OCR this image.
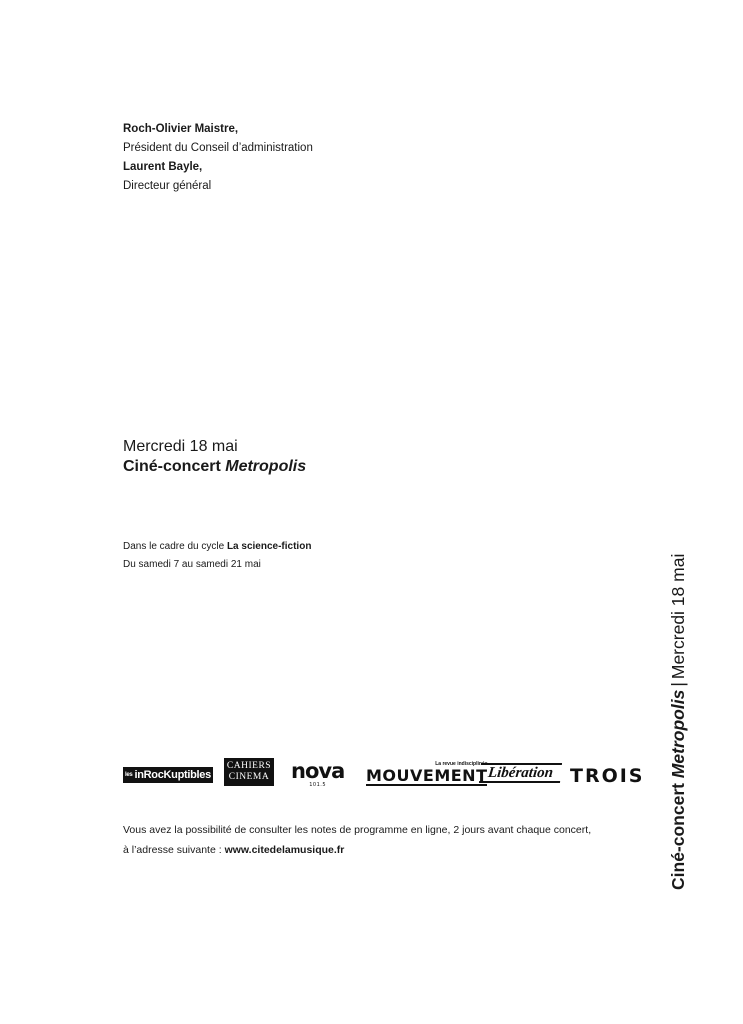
Roch-Olivier Maistre,
Président du Conseil d’administration
Laurent Bayle,
Directeur général
Mercredi 18 mai
Ciné-concert Metropolis
Dans le cadre du cycle La science-fiction
Du samedi 7 au samedi 21 mai
les inRocKuptibles
CAHIERS
CINEMA nova
101.5
La revue indisciplinée
MOUVEMENT Libération TROIS
Vous avez la possibilité de consulter les notes de programme en ligne, 2 jours avant chaque concert,
à l’adresse suivante : www.citedelamusique.fr	Ciné-concert Metropolis|Mercredi 18 mai
